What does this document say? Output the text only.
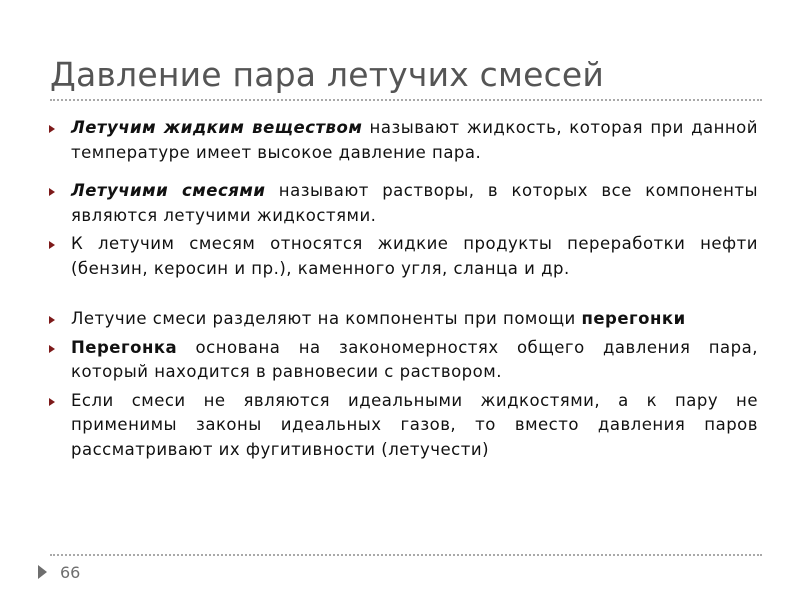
Давление пара летучих смесей
Летучим жидким веществом называют жидкость, которая при данной температуре имеет высокое давление пара.
Летучими смесями называют растворы, в которых все компоненты являются летучими жидкостями.
К летучим смесям относятся жидкие продукты переработки нефти (бензин, керосин и пр.), каменного угля, сланца и др.
Летучие смеси разделяют на компоненты при помощи перегонки
Перегонка основана на закономерностях общего давления пара, который находится в равновесии с раствором.
Если смеси не являются идеальными жидкостями, а к пару не применимы законы идеальных газов, то вместо давления паров рассматривают их фугитивности (летучести)
66
